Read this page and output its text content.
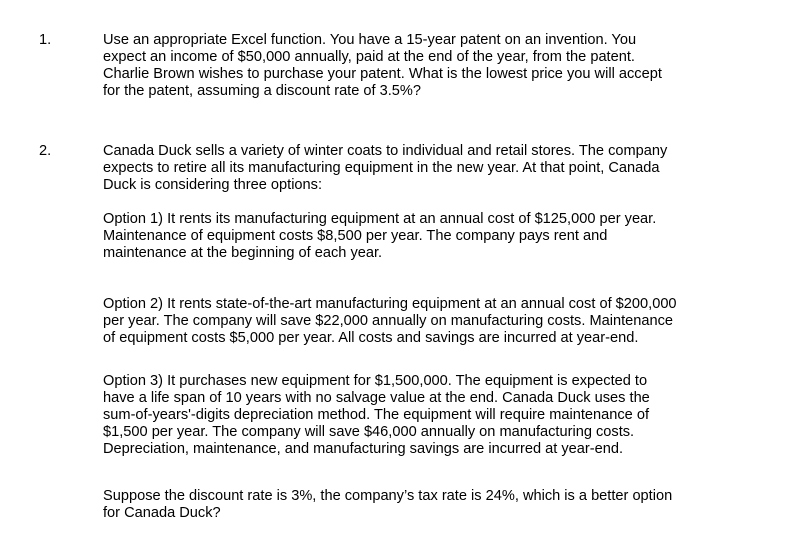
1.	Use an appropriate Excel function. You have a 15-year patent on an invention. You
expect an income of $50,000 annually, paid at the end of the year, from the patent.
Charlie Brown wishes to purchase your patent. What is the lowest price you will accept
for the patent, assuming a discount rate of 3.5%?
2.	Canada Duck sells a variety of winter coats to individual and retail stores. The company
expects to retire all its manufacturing equipment in the new year. At that point, Canada
Duck is considering three options:
Option 1) It rents its manufacturing equipment at an annual cost of $125,000 per year.
Maintenance of equipment costs $8,500 per year. The company pays rent and
maintenance at the beginning of each year.
Option 2) It rents state-of-the-art manufacturing equipment at an annual cost of $200,000
per year. The company will save $22,000 annually on manufacturing costs. Maintenance
of equipment costs $5,000 per year. All costs and savings are incurred at year-end.
Option 3) It purchases new equipment for $1,500,000. The equipment is expected to
have a life span of 10 years with no salvage value at the end. Canada Duck uses the
sum-of-years'-digits depreciation method. The equipment will require maintenance of
$1,500 per year. The company will save $46,000 annually on manufacturing costs.
Depreciation, maintenance, and manufacturing savings are incurred at year-end.
Suppose the discount rate is 3%, the company’s tax rate is 24%, which is a better option
for Canada Duck?
